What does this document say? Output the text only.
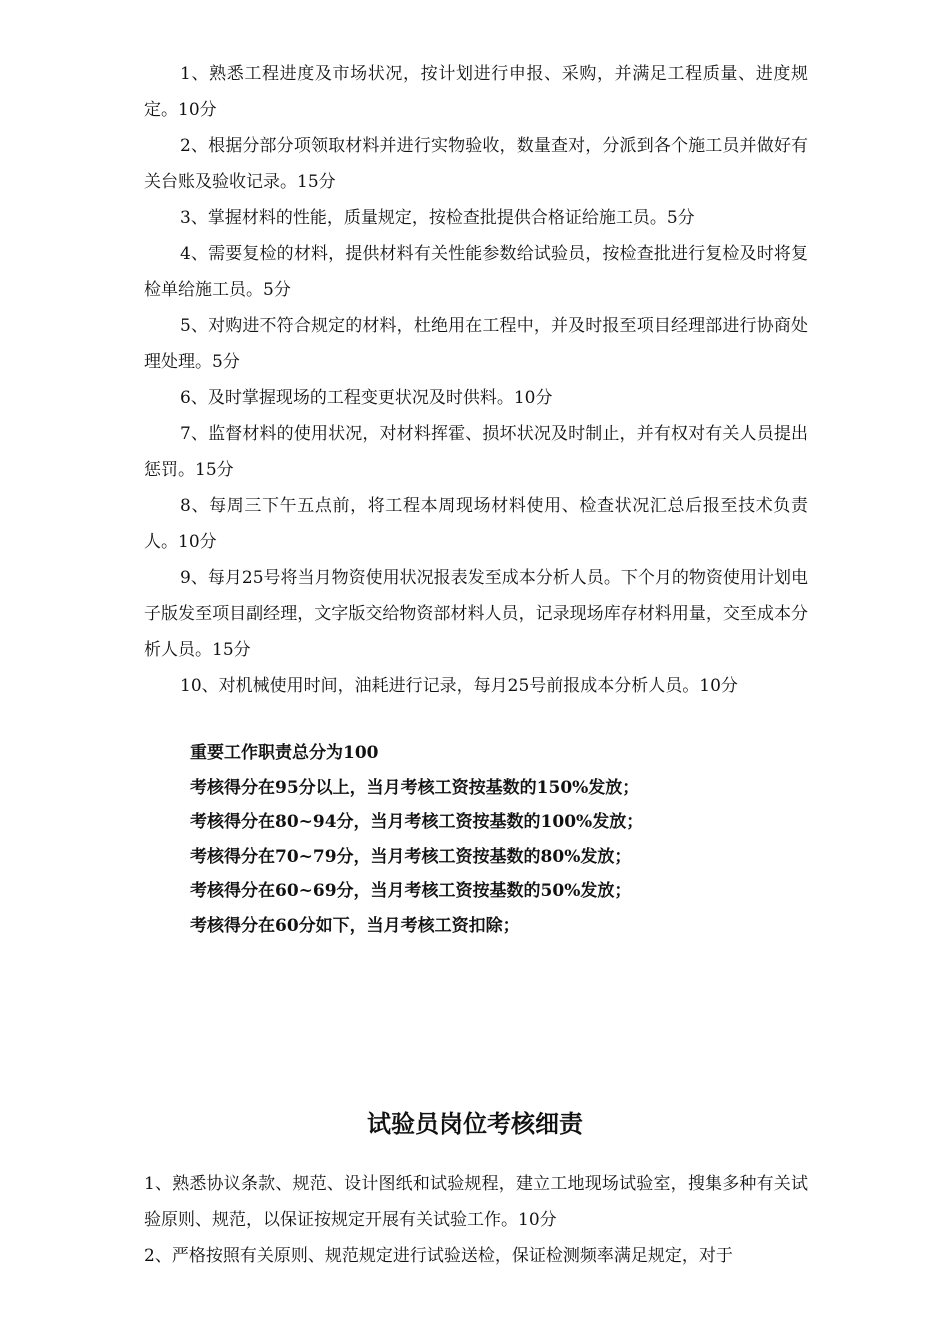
1、熟悉工程进度及市场状况，按计划进行申报、采购，并满足工程质量、进度规定。10分

2、根据分部分项领取材料并进行实物验收，数量查对，分派到各个施工员并做好有关台账及验收记录。15分

3、掌握材料的性能，质量规定，按检查批提供合格证给施工员。5分

4、需要复检的材料，提供材料有关性能参数给试验员，按检查批进行复检及时将复检单给施工员。5分

5、对购进不符合规定的材料，杜绝用在工程中，并及时报至项目经理部进行协商处理处理。5分

6、及时掌握现场的工程变更状况及时供料。10分

7、监督材料的使用状况，对材料挥霍、损坏状况及时制止，并有权对有关人员提出惩罚。15分

8、每周三下午五点前，将工程本周现场材料使用、检查状况汇总后报至技术负责人。10分

9、每月25号将当月物资使用状况报表发至成本分析人员。下个月的物资使用计划电子版发至项目副经理，文字版交给物资部材料人员，记录现场库存材料用量，交至成本分析人员。15分

10、对机械使用时间，油耗进行记录，每月25号前报成本分析人员。10分

重要工作职责总分为100

考核得分在95分以上，当月考核工资按基数的150%发放；

考核得分在80~94分，当月考核工资按基数的100%发放；

考核得分在70~79分，当月考核工资按基数的80%发放；

考核得分在60~69分，当月考核工资按基数的50%发放；

考核得分在60分如下，当月考核工资扣除；

试验员岗位考核细责

1、熟悉协议条款、规范、设计图纸和试验规程，建立工地现场试验室，搜集多种有关试验原则、规范，以保证按规定开展有关试验工作。10分

2、严格按照有关原则、规范规定进行试验送检，保证检测频率满足规定，对于
